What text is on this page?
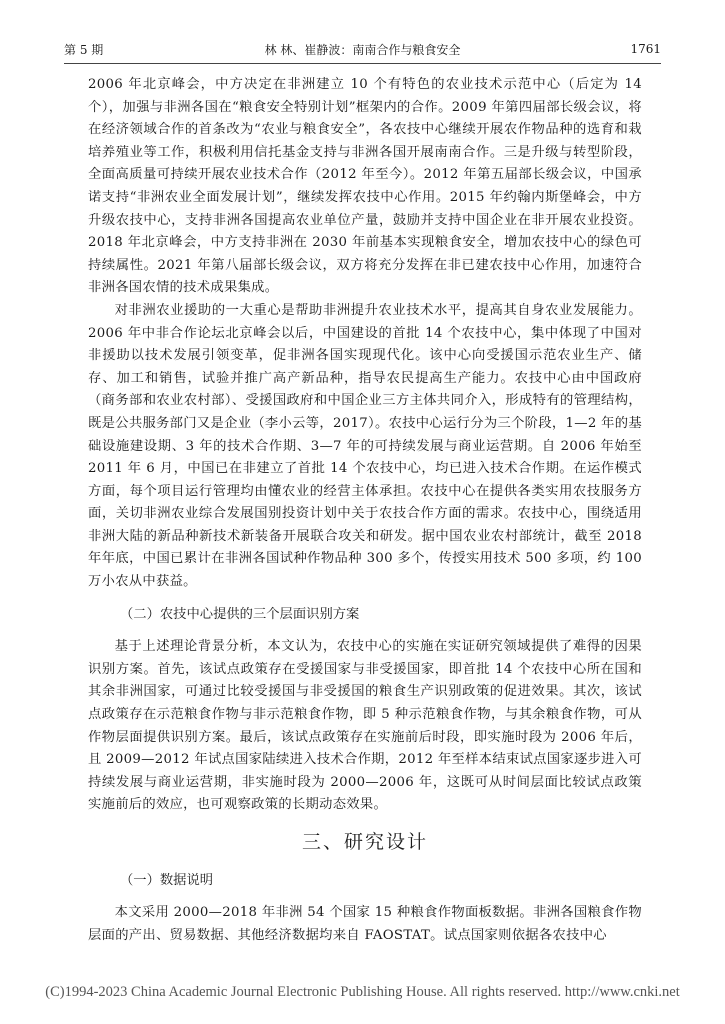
第 5 期	林 林、崔静波：南南合作与粮食安全	1761

2006 年北京峰会，中方决定在非洲建立 10 个有特色的农业技术示范中心（后定为 14 个），加强与非洲各国在“粮食安全特别计划”框架内的合作。2009 年第四届部长级会议，将在经济领域合作的首条改为“农业与粮食安全”，各农技中心继续开展农作物品种的选育和栽培养殖业等工作，积极利用信托基金支持与非洲各国开展南南合作。三是升级与转型阶段，全面高质量可持续开展农业技术合作（2012 年至今）。2012 年第五届部长级会议，中国承诺支持“非洲农业全面发展计划”，继续发挥农技中心作用。2015 年约翰内斯堡峰会，中方升级农技中心，支持非洲各国提高农业单位产量，鼓励并支持中国企业在非开展农业投资。2018 年北京峰会，中方支持非洲在 2030 年前基本实现粮食安全，增加农技中心的绿色可持续属性。2021 年第八届部长级会议，双方将充分发挥在非已建农技中心作用，加速符合非洲各国农情的技术成果集成。

对非洲农业援助的一大重心是帮助非洲提升农业技术水平，提高其自身农业发展能力。2006 年中非合作论坛北京峰会以后，中国建设的首批 14 个农技中心，集中体现了中国对非援助以技术发展引领变革，促非洲各国实现现代化。该中心向受援国示范农业生产、储存、加工和销售，试验并推广高产新品种，指导农民提高生产能力。农技中心由中国政府（商务部和农业农村部）、受援国政府和中国企业三方主体共同介入，形成特有的管理结构，既是公共服务部门又是企业（李小云等，2017）。农技中心运行分为三个阶段，1—2 年的基础设施建设期、3 年的技术合作期、3—7 年的可持续发展与商业运营期。自 2006 年始至 2011 年 6 月，中国已在非建立了首批 14 个农技中心，均已进入技术合作期。在运作模式方面，每个项目运行管理均由懂农业的经营主体承担。农技中心在提供各类实用农技服务方面，关切非洲农业综合发展国别投资计划中关于农技合作方面的需求。农技中心，围绕适用非洲大陆的新品种新技术新装备开展联合攻关和研发。据中国农业农村部统计，截至 2018 年年底，中国已累计在非洲各国试种作物品种 300 多个，传授实用技术 500 多项，约 100 万小农从中获益。

（二）农技中心提供的三个层面识别方案

基于上述理论背景分析，本文认为，农技中心的实施在实证研究领域提供了难得的因果识别方案。首先，该试点政策存在受援国家与非受援国家，即首批 14 个农技中心所在国和其余非洲国家，可通过比较受援国与非受援国的粮食生产识别政策的促进效果。其次，该试点政策存在示范粮食作物与非示范粮食作物，即 5 种示范粮食作物，与其余粮食作物，可从作物层面提供识别方案。最后，该试点政策存在实施前后时段，即实施时段为 2006 年后，且 2009—2012 年试点国家陆续进入技术合作期，2012 年至样本结束试点国家逐步进入可持续发展与商业运营期，非实施时段为 2000—2006 年，这既可从时间层面比较试点政策实施前后的效应，也可观察政策的长期动态效果。

三、研究设计
（一）数据说明

本文采用 2000—2018 年非洲 54 个国家 15 种粮食作物面板数据。非洲各国粮食作物层面的产出、贸易数据、其他经济数据均来自 FAOSTAT。试点国家则依据各农技中心

(C)1994-2023 China Academic Journal Electronic Publishing House. All rights reserved. http://www.cnki.net
